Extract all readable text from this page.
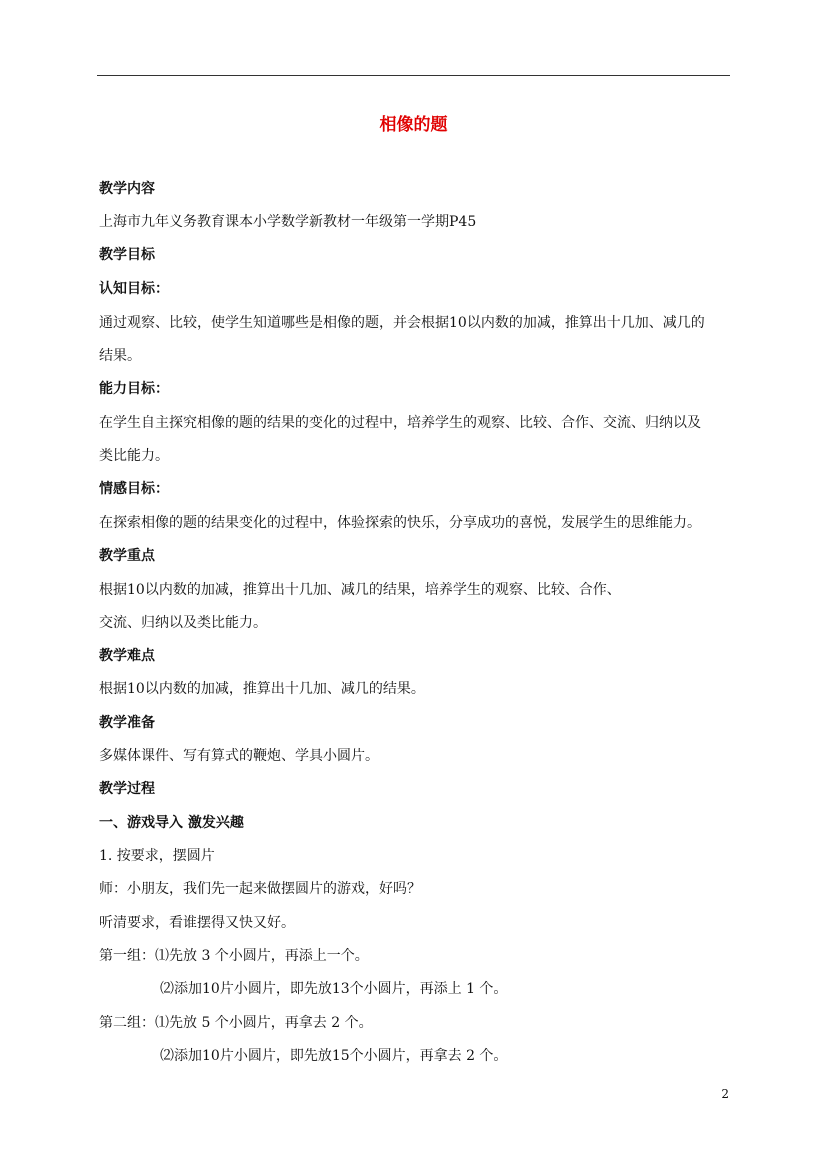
相像的题
教学内容
上海市九年义务教育课本小学数学新教材一年级第一学期P45
教学目标
认知目标：
通过观察、比较，使学生知道哪些是相像的题，并会根据10以内数的加减，推算出十几加、减几的
结果。
能力目标：
在学生自主探究相像的题的结果的变化的过程中，培养学生的观察、比较、合作、交流、归纳以及
类比能力。
情感目标：
在探索相像的题的结果变化的过程中，体验探索的快乐，分享成功的喜悦，发展学生的思维能力。
教学重点
根据10以内数的加减，推算出十几加、减几的结果，培养学生的观察、比较、合作、
交流、归纳以及类比能力。
教学难点
根据10以内数的加减，推算出十几加、减几的结果。
教学准备
多媒体课件、写有算式的鞭炮、学具小圆片。
教学过程
一、游戏导入 激发兴趣
1. 按要求，摆圆片
师：小朋友，我们先一起来做摆圆片的游戏，好吗？
听清要求，看谁摆得又快又好。
第一组：⑴先放 3 个小圆片，再添上一个。
⑵添加10片小圆片，即先放13个小圆片，再添上 1 个。
第二组：⑴先放 5 个小圆片，再拿去 2 个。
⑵添加10片小圆片，即先放15个小圆片，再拿去 2 个。
2
